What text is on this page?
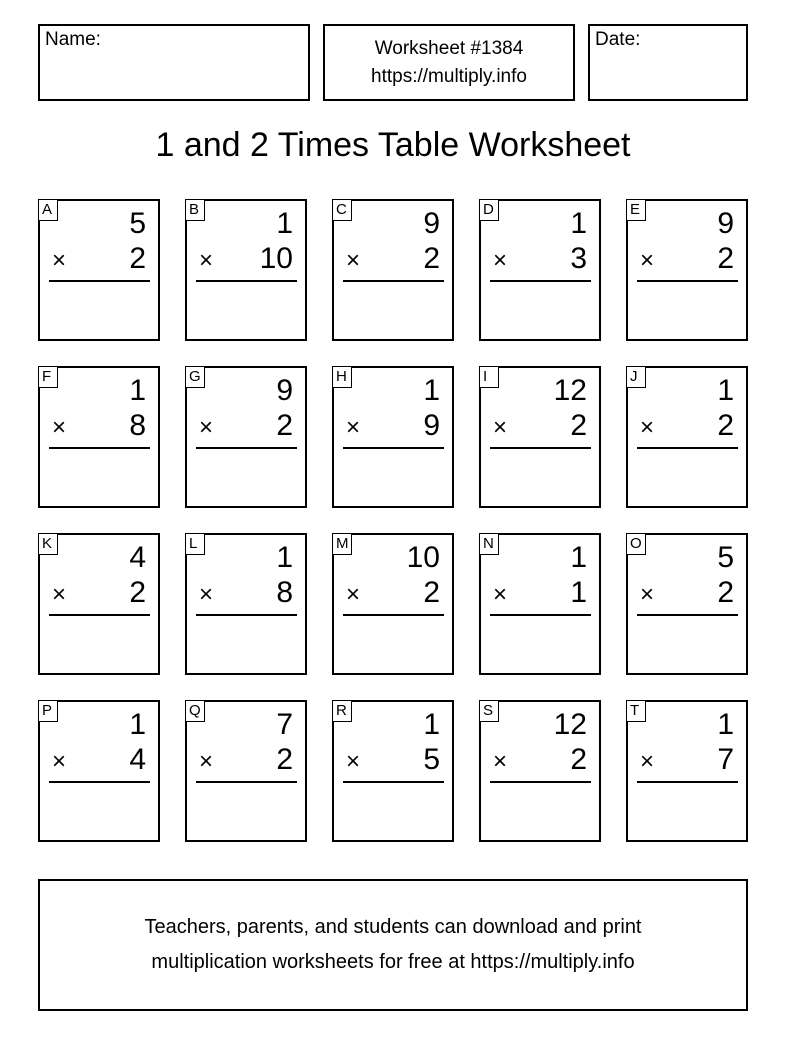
Name:	Worksheet #1384
https://multiply.info
Date:
1 and 2 Times Table Worksheet
A	5
× 2
B	1
× 10
C	9
× 2
D	1
× 3
E	9
× 2
F	1
× 8
G	9
× 2
H	1
× 9
I	12
× 2
J	1
× 2
K	4
× 2
L	1
× 8
M 10
× 2
N	1
× 1
O	5
× 2
P	1
× 4
Q	7
× 2
R	1
× 5
S 12
× 2
T	1
× 7
Teachers, parents, and students can download and print
multiplication worksheets for free at https://multiply.info
